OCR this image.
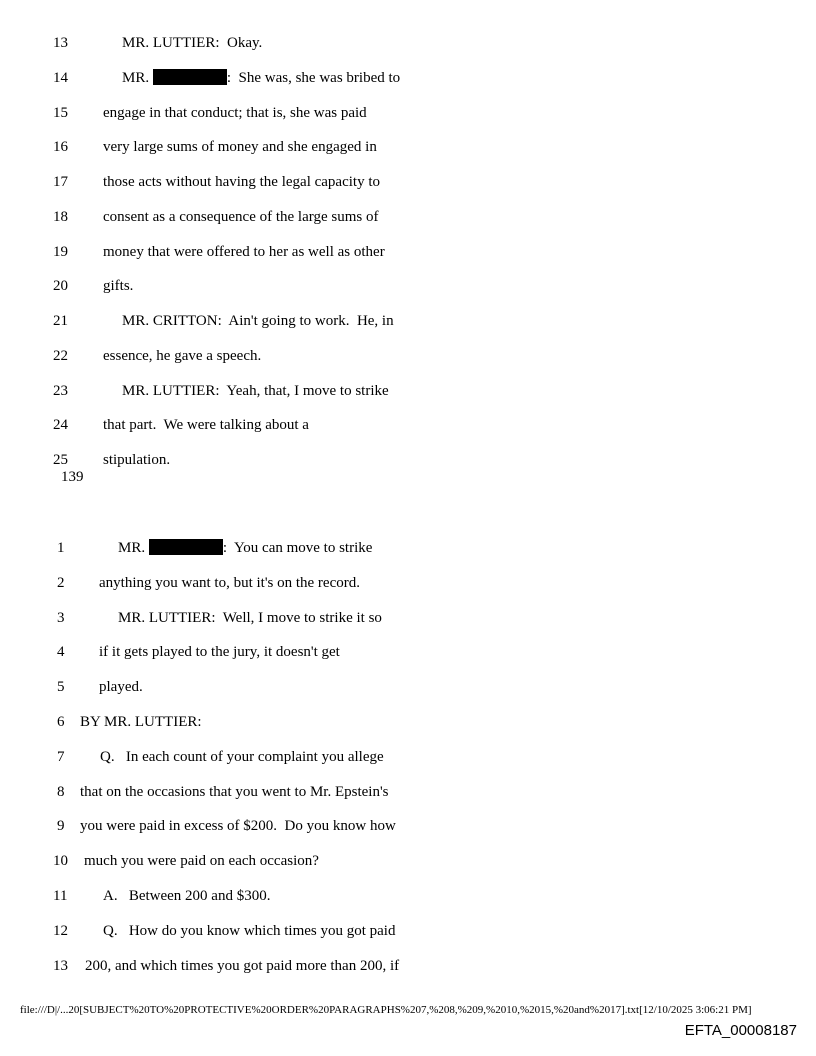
13	MR. LUTTIER:  Okay.
14	MR.	:  She was, she was bribed to
15 engage in that conduct; that is, she was paid
16 very large sums of money and she engaged in
17 those acts without having the legal capacity to
18 consent as a consequence of the large sums of
19 money that were offered to her as well as other
20 gifts.
21	MR. CRITTON:  Ain't going to work.  He, in
22 essence, he gave a speech.
23	MR. LUTTIER:  Yeah, that, I move to strike
24 that part.  We were talking about a
25 stipulation.
1	MR.	:  You can move to strike
2 anything you want to, but it's on the record.
3	MR. LUTTIER:  Well, I move to strike it so
4 if it gets played to the jury, it doesn't get
5 played.
6 BY MR. LUTTIER:
7 Q.   In each count of your complaint you allege
8 that on the occasions that you went to Mr. Epstein's
9 you were paid in excess of $200.  Do you know how
10 much you were paid on each occasion?
11 A.   Between 200 and $300.
12 Q.   How do you know which times you got paid
13 200, and which times you got paid more than 200, if
139
file:///D|/...20[SUBJECT%20TO%20PROTECTIVE%20ORDER%20PARAGRAPHS%207,%208,%209,%2010,%2015,%20and%2017].txt[12/10/2025 3:06:21 PM]
EFTA_00008187
